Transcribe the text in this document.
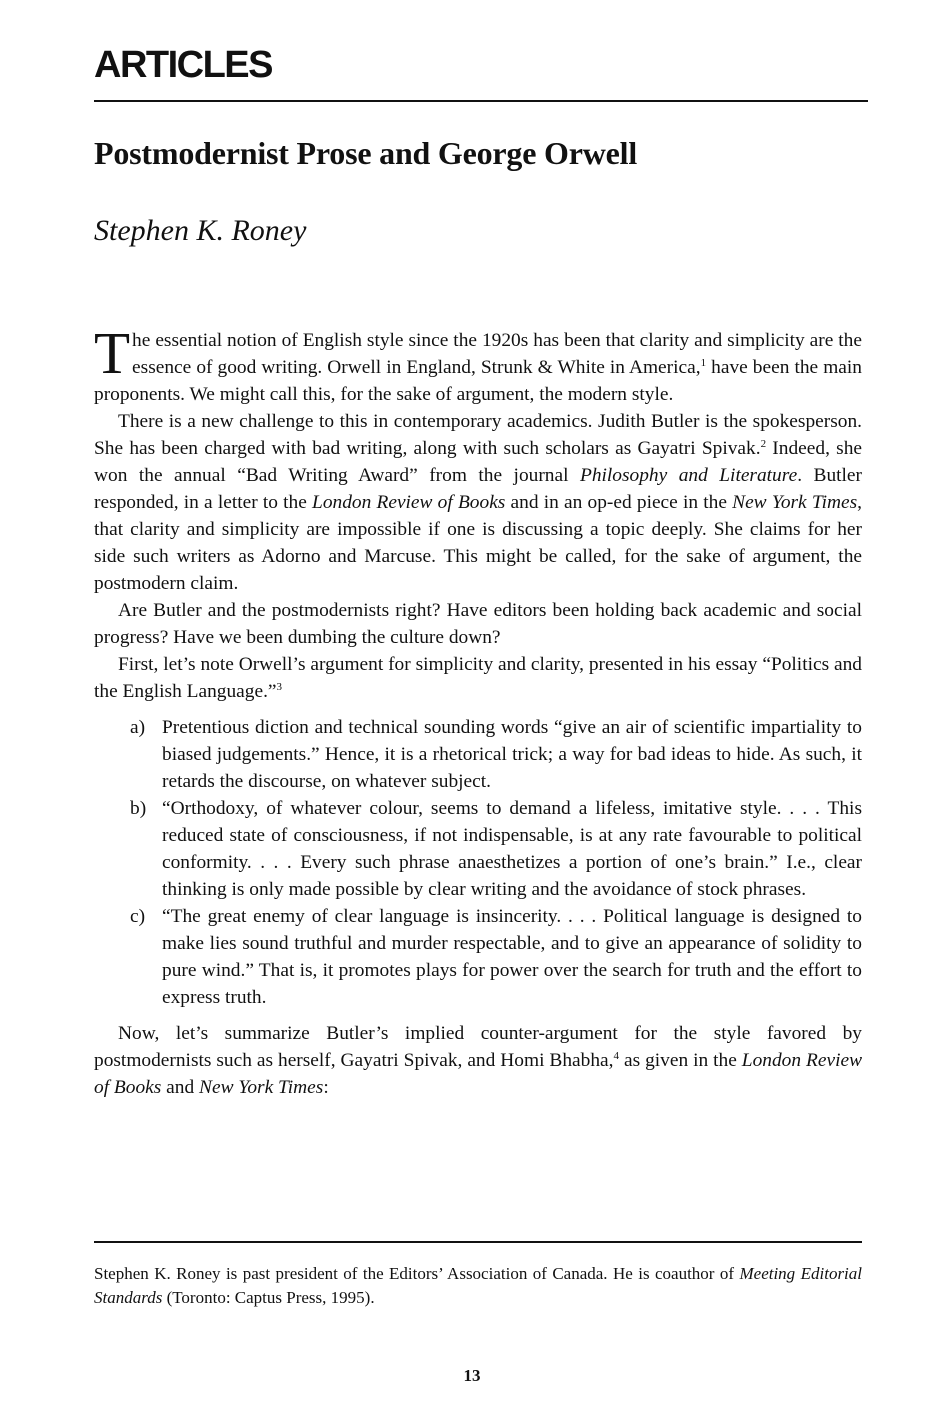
ARTICLES
Postmodernist Prose and George Orwell
Stephen K. Roney

The essential notion of English style since the 1920s has been that clarity and simplicity are the essence of good writing. Orwell in England, Strunk & White in America,$^1$ have been the main proponents. We might call this, for the sake of argument, the modern style.

There is a new challenge to this in contemporary academics. Judith Butler is the spokesperson. She has been charged with bad writing, along with such scholars as Gayatri Spivak.$^2$ Indeed, she won the annual “Bad Writing Award” from the journal Philosophy and Literature. Butler responded, in a letter to the London Review of Books and in an op-ed piece in the New York Times, that clarity and simplicity are impossible if one is discussing a topic deeply. She claims for her side such writers as Adorno and Marcuse. This might be called, for the sake of argument, the postmodern claim.

Are Butler and the postmodernists right? Have editors been holding back academic and social progress? Have we been dumbing the culture down?

First, let’s note Orwell’s argument for simplicity and clarity, presented in his essay “Politics and the English Language.”$^3$

a) Pretentious diction and technical sounding words “give an air of scientific impartiality to biased judgements.” Hence, it is a rhetorical trick; a way for bad ideas to hide. As such, it retards the discourse, on whatever subject.
b) “Orthodoxy, of whatever colour, seems to demand a lifeless, imitative style. . . . This reduced state of consciousness, if not indispensable, is at any rate favourable to political conformity. . . . Every such phrase anaesthetizes a portion of one’s brain.” I.e., clear thinking is only made possible by clear writing and the avoidance of stock phrases.
c) “The great enemy of clear language is insincerity. . . . Political language is designed to make lies sound truthful and murder respectable, and to give an appearance of solidity to pure wind.” That is, it promotes plays for power over the search for truth and the effort to express truth.

Now, let’s summarize Butler’s implied counter-argument for the style favored by postmodernists such as herself, Gayatri Spivak, and Homi Bhabha,$^4$ as given in the London Review of Books and New York Times:

Stephen K. Roney is past president of the Editors’ Association of Canada. He is coauthor of Meeting Editorial Standards (Toronto: Captus Press, 1995).

13
